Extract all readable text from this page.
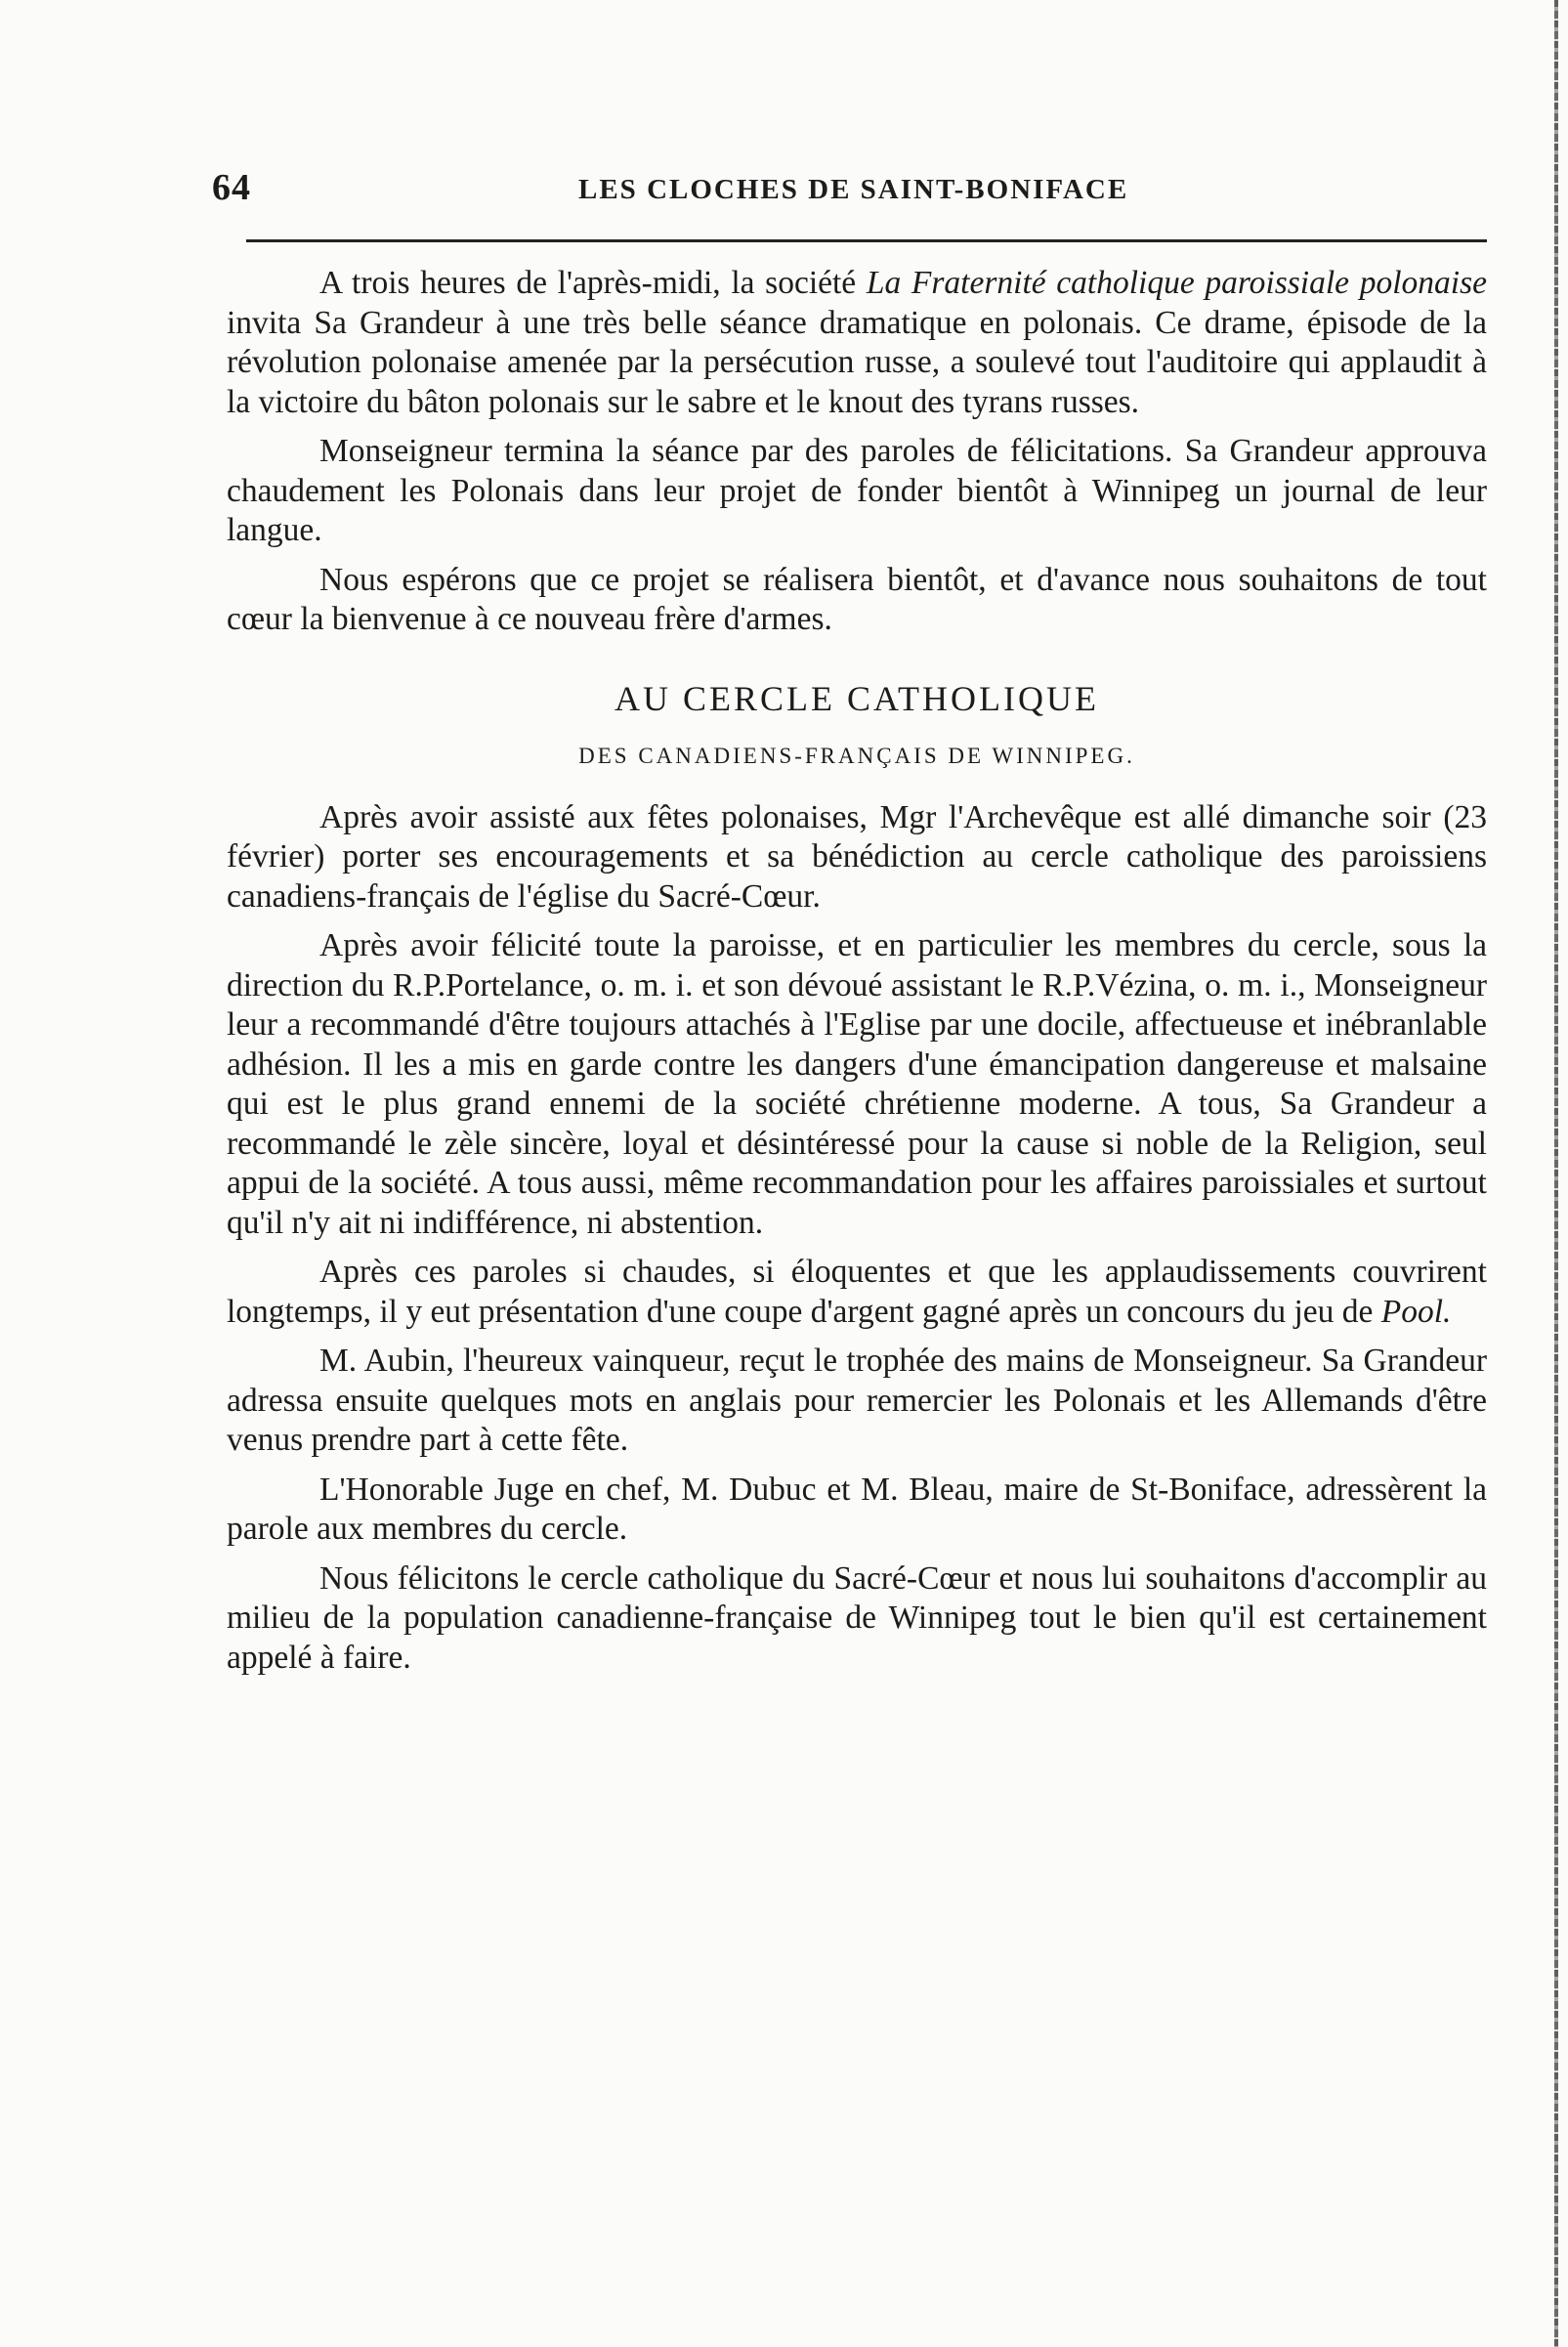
64	LES CLOCHES DE SAINT-BONIFACE

A trois heures de l'après-midi, la société La Fraternité catholique paroissiale polonaise invita Sa Grandeur à une très belle séance dramatique en polonais. Ce drame, épisode de la révolution polonaise amenée par la persécution russe, a soulevé tout l'auditoire qui applaudit à la victoire du bâton polonais sur le sabre et le knout des tyrans russes.

Monseigneur termina la séance par des paroles de félicitations. Sa Grandeur approuva chaudement les Polonais dans leur projet de fonder bientôt à Winnipeg un journal de leur langue.

Nous espérons que ce projet se réalisera bientôt, et d'avance nous souhaitons de tout cœur la bienvenue à ce nouveau frère d'armes.

AU CERCLE CATHOLIQUE
DES CANADIENS-FRANÇAIS DE WINNIPEG.

Après avoir assisté aux fêtes polonaises, Mgr l'Archevêque est allé dimanche soir (23 février) porter ses encouragements et sa bénédiction au cercle catholique des paroissiens canadiens-français de l'église du Sacré-Cœur.

Après avoir félicité toute la paroisse, et en particulier les membres du cercle, sous la direction du R.P.Portelance, o. m. i. et son dévoué assistant le R.P.Vézina, o. m. i., Monseigneur leur a recommandé d'être toujours attachés à l'Eglise par une docile, affectueuse et inébranlable adhésion. Il les a mis en garde contre les dangers d'une émancipation dangereuse et malsaine qui est le plus grand ennemi de la société chrétienne moderne. A tous, Sa Grandeur a recommandé le zèle sincère, loyal et désintéressé pour la cause si noble de la Religion, seul appui de la société. A tous aussi, même recommandation pour les affaires paroissiales et surtout qu'il n'y ait ni indifférence, ni abstention.

Après ces paroles si chaudes, si éloquentes et que les applaudissements couvrirent longtemps, il y eut présentation d'une coupe d'argent gagné après un concours du jeu de Pool.

M. Aubin, l'heureux vainqueur, reçut le trophée des mains de Monseigneur. Sa Grandeur adressa ensuite quelques mots en anglais pour remercier les Polonais et les Allemands d'être venus prendre part à cette fête.

L'Honorable Juge en chef, M. Dubuc et M. Bleau, maire de St-Boniface, adressèrent la parole aux membres du cercle.

Nous félicitons le cercle catholique du Sacré-Cœur et nous lui souhaitons d'accomplir au milieu de la population canadienne-française de Winnipeg tout le bien qu'il est certainement appelé à faire.
